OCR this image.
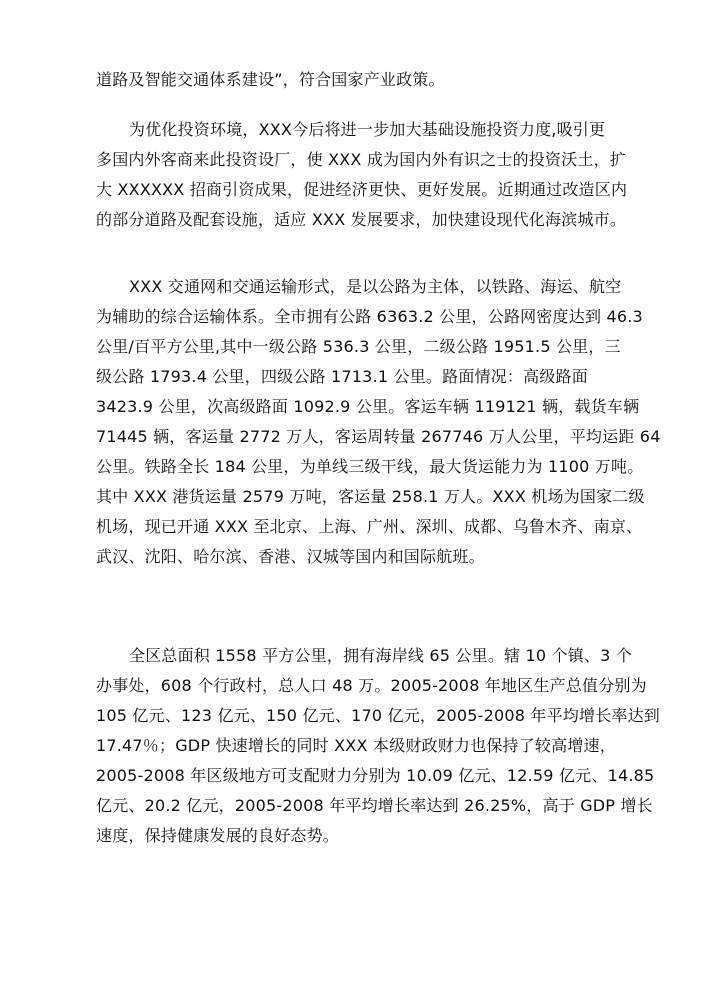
道路及智能交通体系建设”，符合国家产业政策。
为优化投资环境，XXX今后将进一步加大基础设施投资力度,吸引更
多国内外客商来此投资设厂，使 XXX 成为国内外有识之士的投资沃土，扩
大 XXXXXX 招商引资成果，促进经济更快、更好发展。近期通过改造区内
的部分道路及配套设施，适应 XXX 发展要求，加快建设现代化海滨城市。
XXX 交通网和交通运输形式，是以公路为主体，以铁路、海运、航空
为辅助的综合运输体系。全市拥有公路 6363.2 公里，公路网密度达到 46.3
公里/百平方公里,其中一级公路 536.3 公里，二级公路 1951.5 公里，三
级公路 1793.4 公里，四级公路 1713.1 公里。路面情况：高级路面
3423.9 公里，次高级路面 1092.9 公里。客运车辆 119121 辆，载货车辆
71445 辆，客运量 2772 万人，客运周转量 267746 万人公里，平均运距 64
公里。铁路全长 184 公里，为单线三级干线，最大货运能力为 1100 万吨。
其中 XXX 港货运量 2579 万吨，客运量 258.1 万人。XXX 机场为国家二级
机场，现已开通 XXX 至北京、上海、广州、深圳、成都、乌鲁木齐、南京、
武汉、沈阳、哈尔滨、香港、汉城等国内和国际航班。
全区总面积 1558 平方公里，拥有海岸线 65 公里。辖 10 个镇、3 个
办事处，608 个行政村，总人口 48 万。2005-2008 年地区生产总值分别为
105 亿元、123 亿元、150 亿元、170 亿元，2005-2008 年平均增长率达到
17.47％；GDP 快速增长的同时 XXX 本级财政财力也保持了较高增速，
2005-2008 年区级地方可支配财力分别为 10.09 亿元、12.59 亿元、14.85
亿元、20.2 亿元，2005-2008 年平均增长率达到 26.25%，高于 GDP 增长
速度，保持健康发展的良好态势。
